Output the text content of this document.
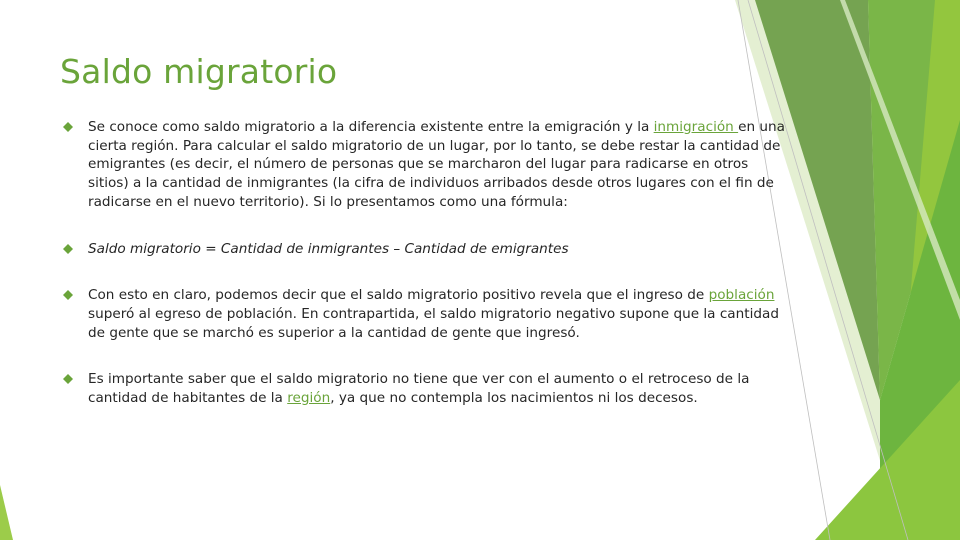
Saldo migratorio
Se conoce como saldo migratorio a la diferencia existente entre la emigración y la inmigración en una cierta región. Para calcular el saldo migratorio de un lugar, por lo tanto, se debe restar la cantidad de emigrantes (es decir, el número de personas que se marcharon del lugar para radicarse en otros sitios) a la cantidad de inmigrantes (la cifra de individuos arribados desde otros lugares con el fin de radicarse en el nuevo territorio). Si lo presentamos como una fórmula:
Saldo migratorio = Cantidad de inmigrantes – Cantidad de emigrantes
Con esto en claro, podemos decir que el saldo migratorio positivo revela que el ingreso de población superó al egreso de población. En contrapartida, el saldo migratorio negativo supone que la cantidad de gente que se marchó es superior a la cantidad de gente que ingresó.
Es importante saber que el saldo migratorio no tiene que ver con el aumento o el retroceso de la cantidad de habitantes de la región, ya que no contempla los nacimientos ni los decesos.
